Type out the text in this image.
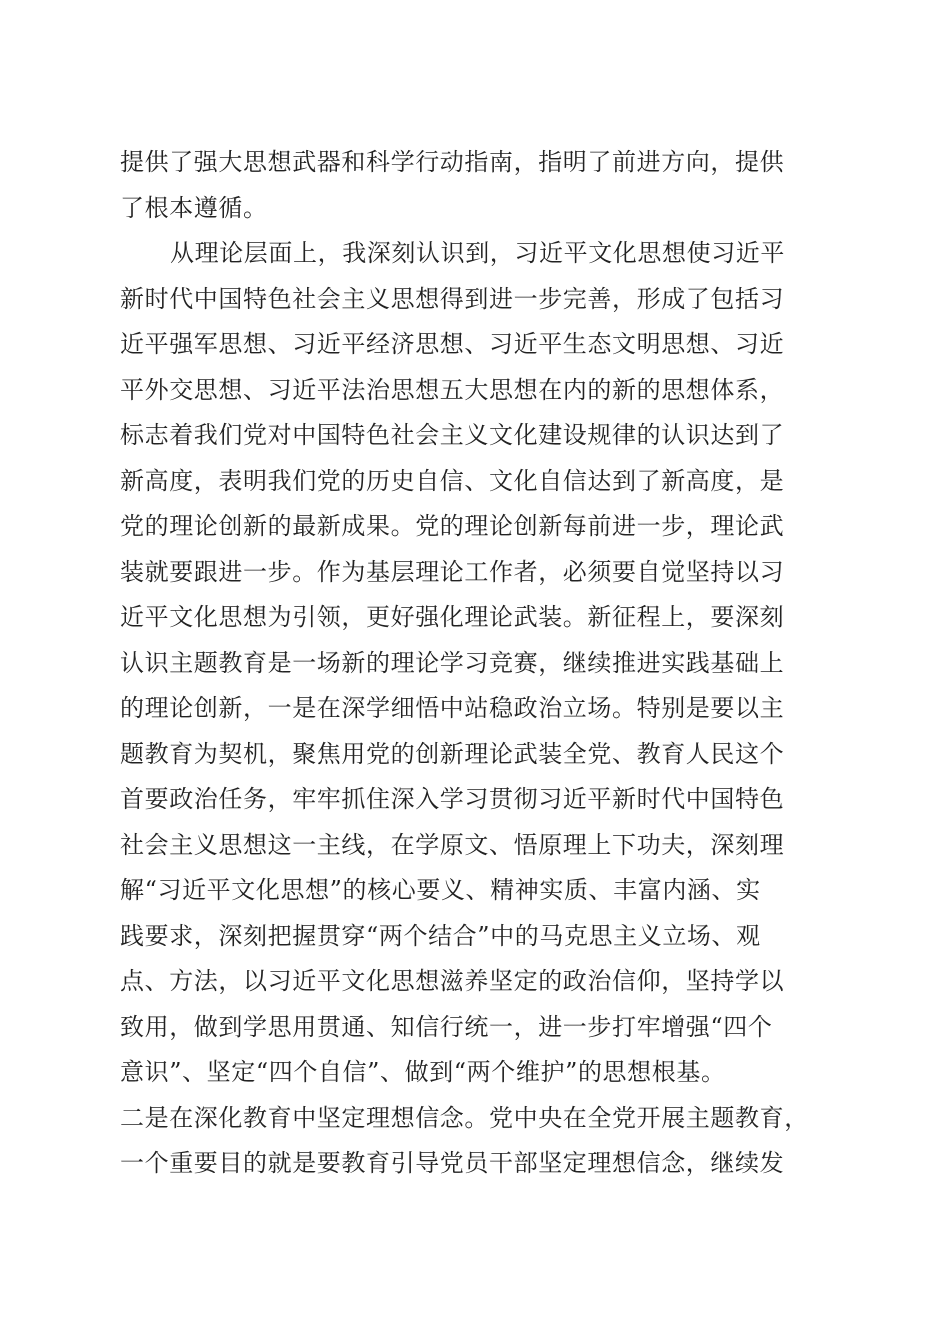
提供了强大思想武器和科学行动指南，指明了前进方向，提供
了根本遵循。
从理论层面上，我深刻认识到，习近平文化思想使习近平
新时代中国特色社会主义思想得到进一步完善，形成了包括习
近平强军思想、习近平经济思想、习近平生态文明思想、习近
平外交思想、习近平法治思想五大思想在内的新的思想体系，
标志着我们党对中国特色社会主义文化建设规律的认识达到了
新高度，表明我们党的历史自信、文化自信达到了新高度，是
党的理论创新的最新成果。党的理论创新每前进一步，理论武
装就要跟进一步。作为基层理论工作者，必须要自觉坚持以习
近平文化思想为引领，更好强化理论武装。新征程上，要深刻
认识主题教育是一场新的理论学习竞赛，继续推进实践基础上
的理论创新，一是在深学细悟中站稳政治立场。特别是要以主
题教育为契机，聚焦用党的创新理论武装全党、教育人民这个
首要政治任务，牢牢抓住深入学习贯彻习近平新时代中国特色
社会主义思想这一主线，在学原文、悟原理上下功夫，深刻理
解“习近平文化思想”的核心要义、精神实质、丰富内涵、实
践要求，深刻把握贯穿“两个结合”中的马克思主义立场、观
点、方法，以习近平文化思想滋养坚定的政治信仰，坚持学以
致用，做到学思用贯通、知信行统一，进一步打牢增强“四个
意识”、坚定“四个自信”、做到“两个维护”的思想根基。
二是在深化教育中坚定理想信念。党中央在全党开展主题教育，
一个重要目的就是要教育引导党员干部坚定理想信念，继续发
